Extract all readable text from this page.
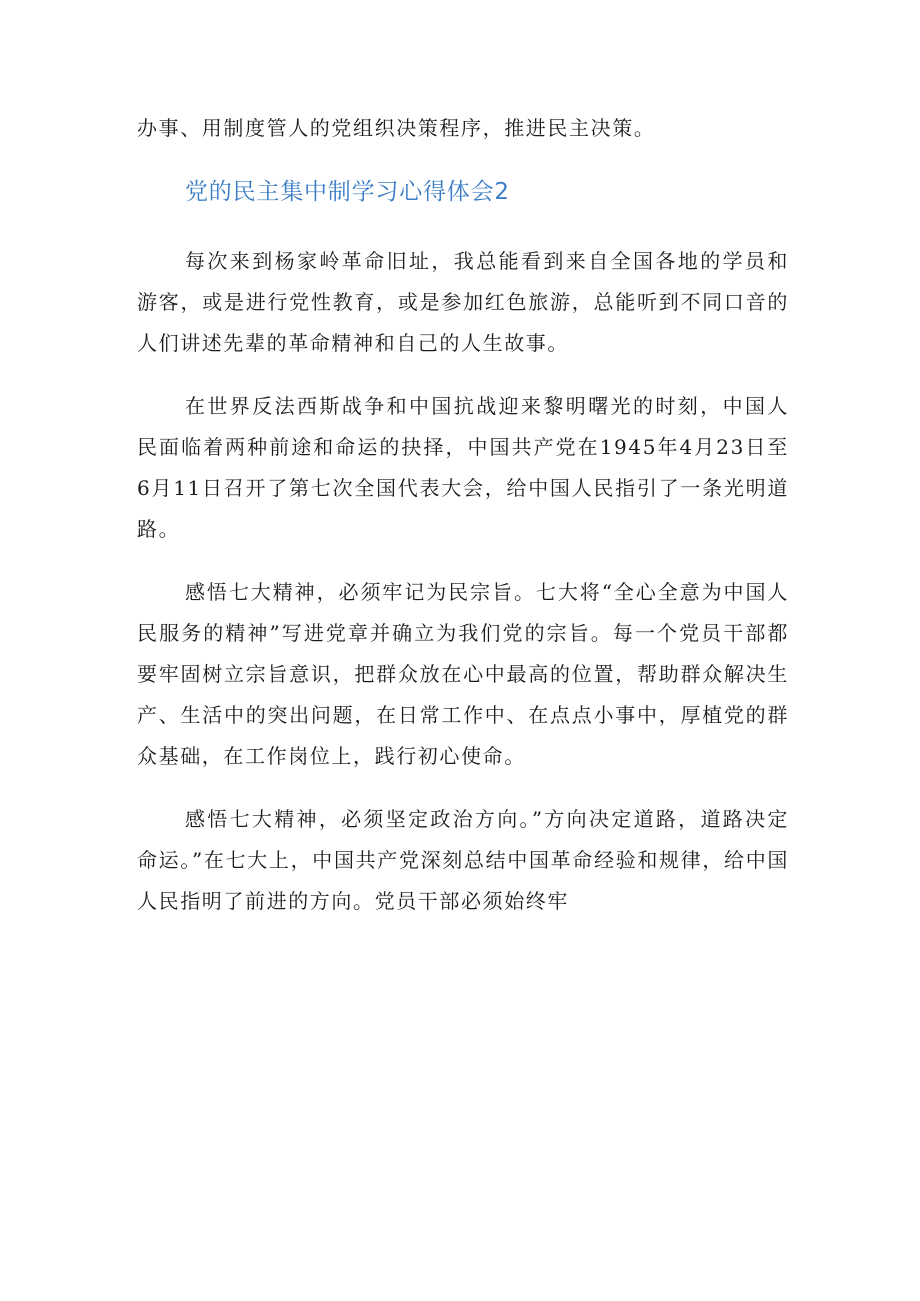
办事、用制度管人的党组织决策程序，推进民主决策。

党的民主集中制学习心得体会2

每次来到杨家岭革命旧址，我总能看到来自全国各地的学员和游客，或是进行党性教育，或是参加红色旅游，总能听到不同口音的人们讲述先辈的革命精神和自己的人生故事。

在世界反法西斯战争和中国抗战迎来黎明曙光的时刻，中国人民面临着两种前途和命运的抉择，中国共产党在1945年4月23日至6月11日召开了第七次全国代表大会，给中国人民指引了一条光明道路。

感悟七大精神，必须牢记为民宗旨。七大将“全心全意为中国人民服务的精神”写进党章并确立为我们党的宗旨。每一个党员干部都要牢固树立宗旨意识，把群众放在心中最高的位置，帮助群众解决生产、生活中的突出问题，在日常工作中、在点点小事中，厚植党的群众基础，在工作岗位上，践行初心使命。

感悟七大精神，必须坚定政治方向。”方向决定道路，道路决定命运。”在七大上，中国共产党深刻总结中国革命经验和规律，给中国人民指明了前进的方向。党员干部必须始终牢
